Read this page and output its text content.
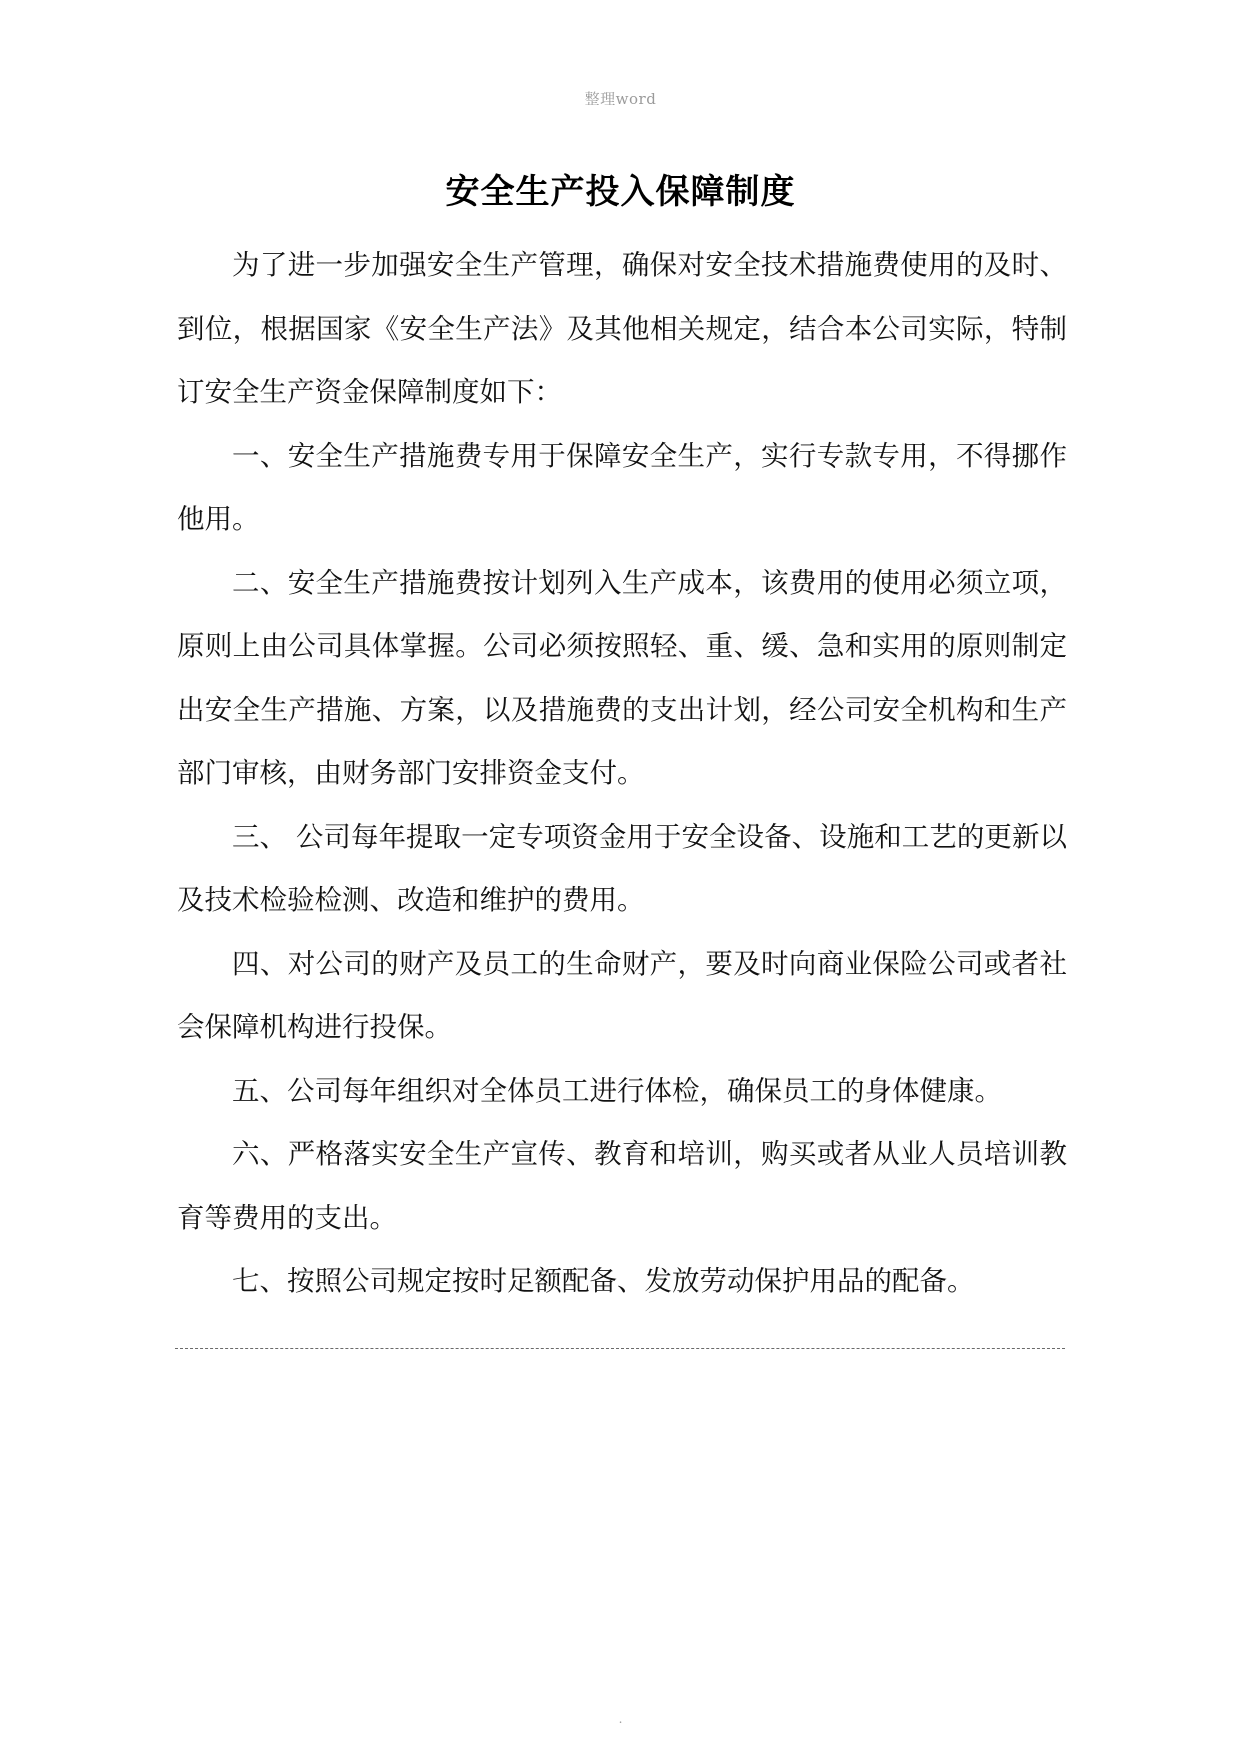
整理word
安全生产投入保障制度

为了进一步加强安全生产管理，确保对安全技术措施费使用的及时、到位，根据国家《安全生产法》及其他相关规定，结合本公司实际，特制订安全生产资金保障制度如下：

一、安全生产措施费专用于保障安全生产，实行专款专用，不得挪作他用。

二、安全生产措施费按计划列入生产成本，该费用的使用必须立项，原则上由公司具体掌握。公司必须按照轻、重、缓、急和实用的原则制定出安全生产措施、方案，以及措施费的支出计划，经公司安全机构和生产部门审核，由财务部门安排资金支付。

三、 公司每年提取一定专项资金用于安全设备、设施和工艺的更新以及技术检验检测、改造和维护的费用。

四、对公司的财产及员工的生命财产，要及时向商业保险公司或者社会保障机构进行投保。

五、公司每年组织对全体员工进行体检，确保员工的身体健康。

六、严格落实安全生产宣传、教育和培训，购买或者从业人员培训教育等费用的支出。

七、按照公司规定按时足额配备、发放劳动保护用品的配备。

.
